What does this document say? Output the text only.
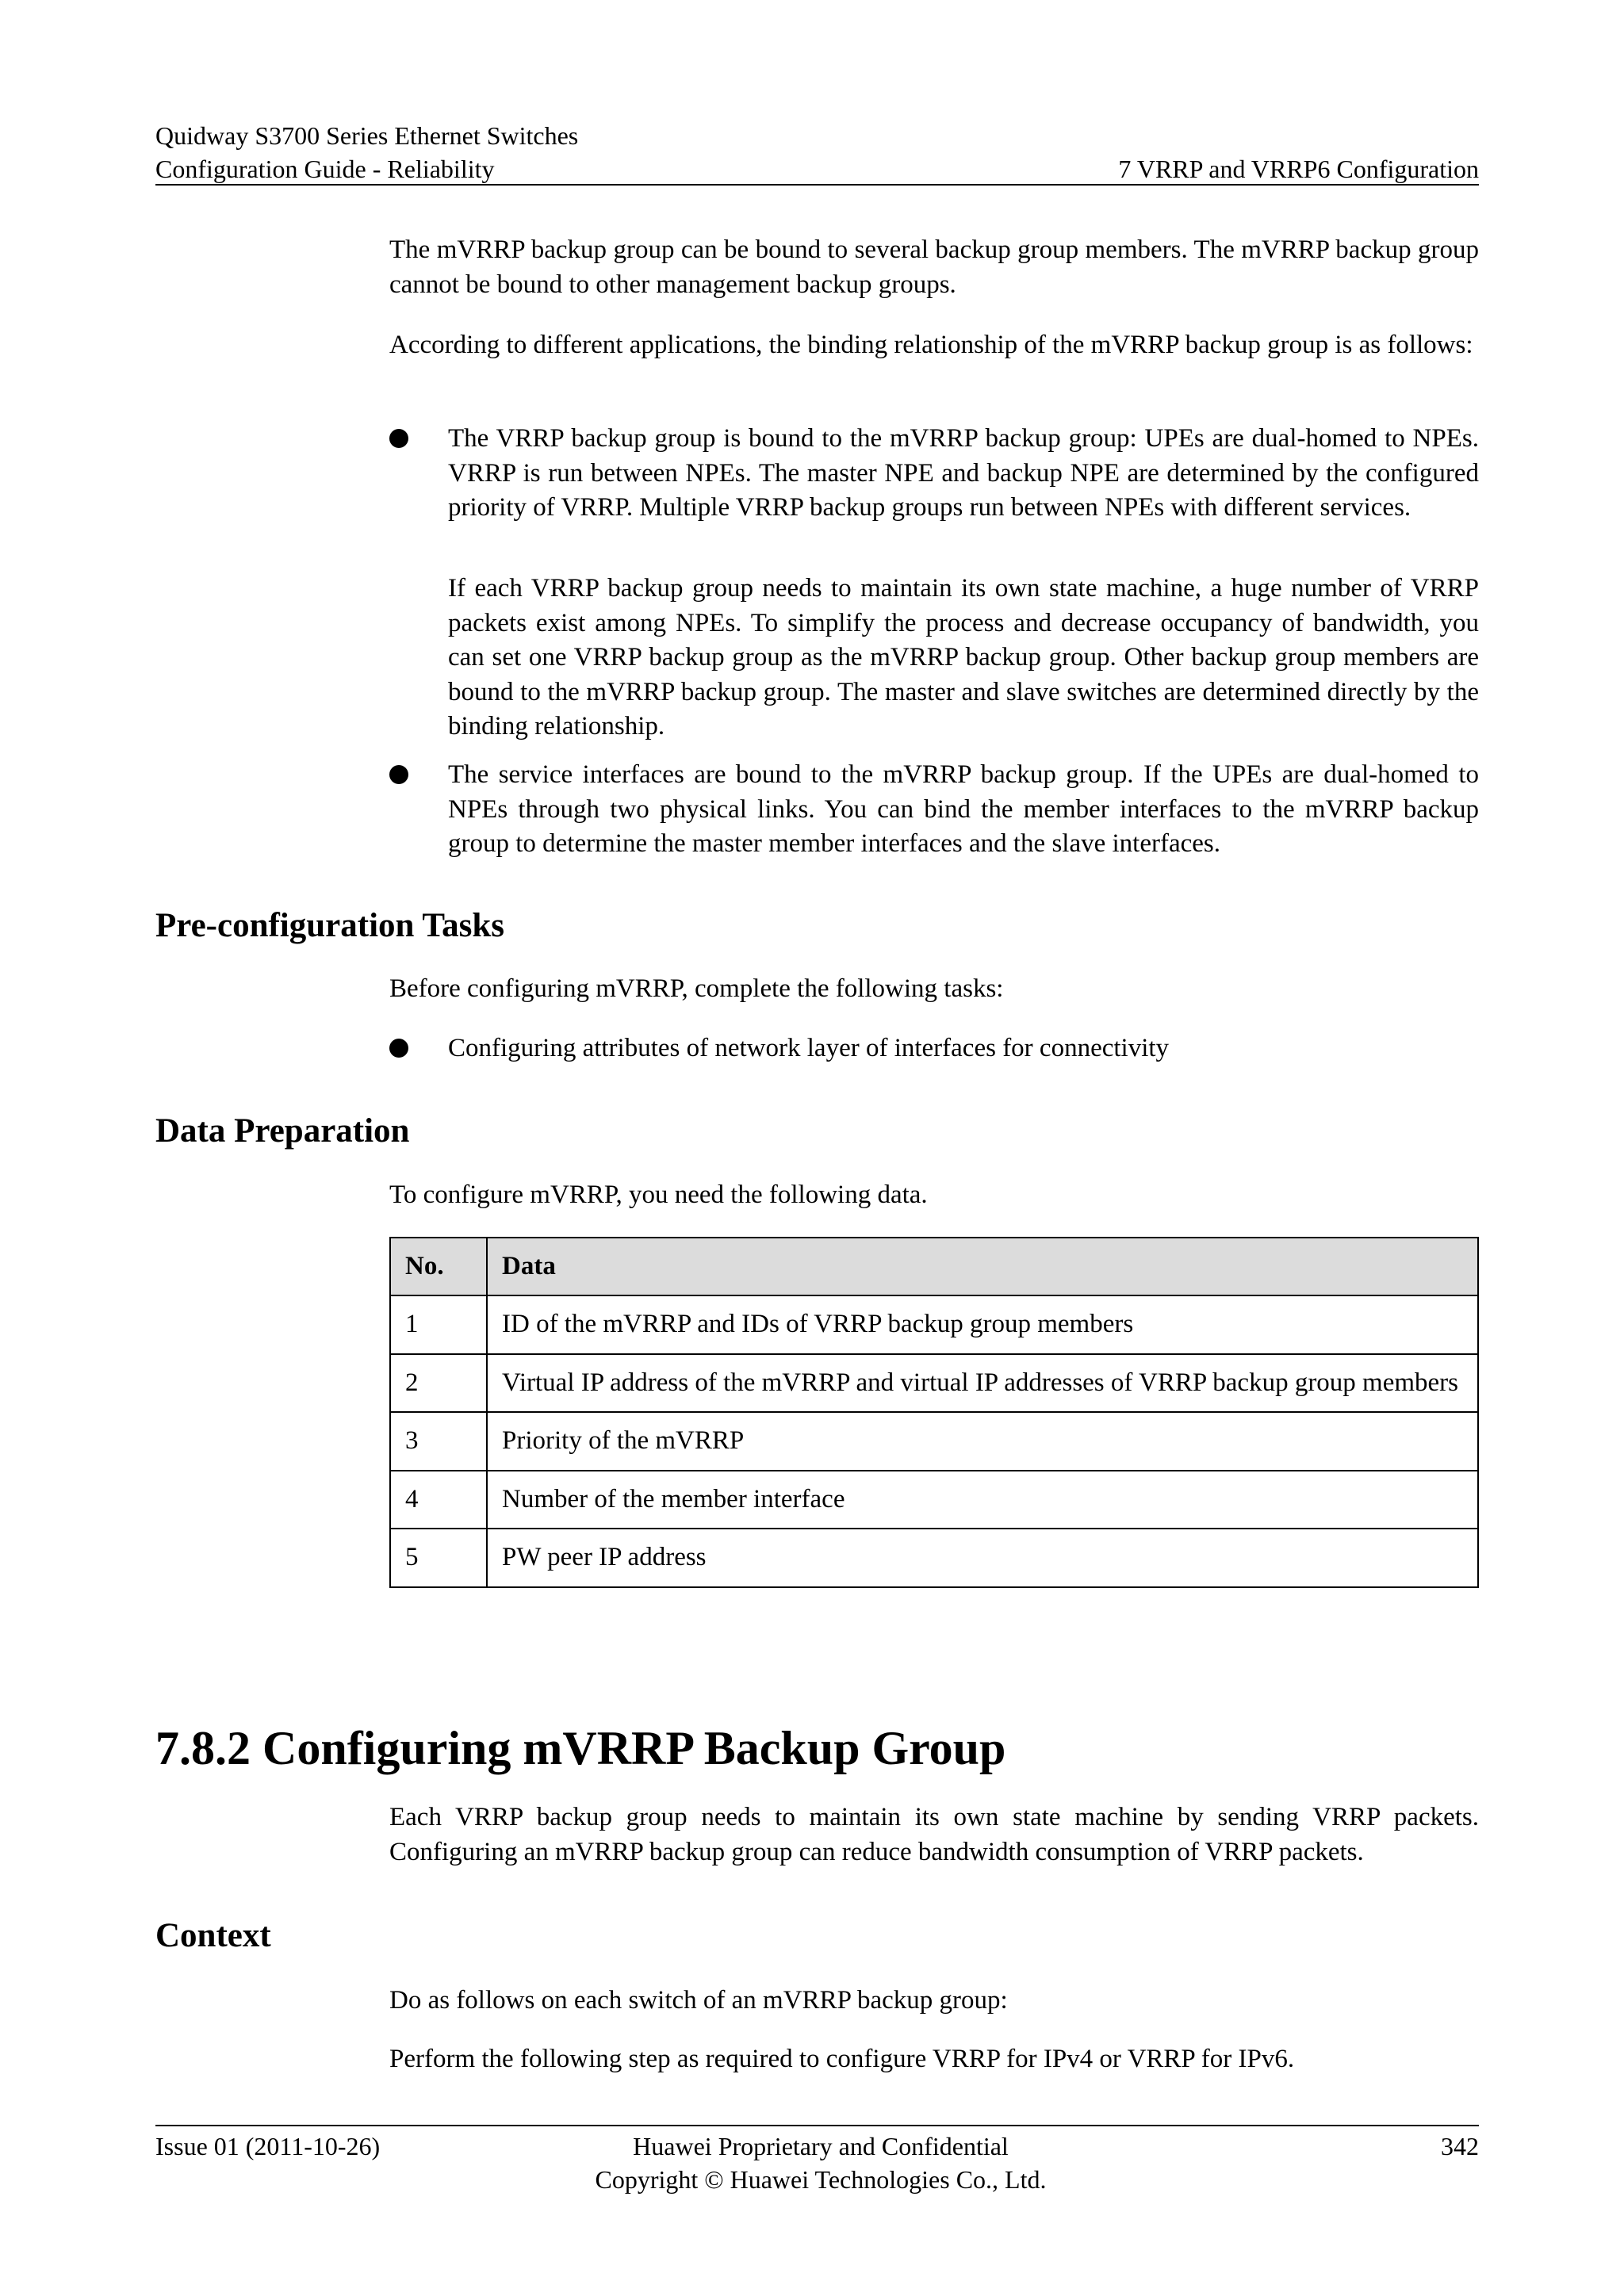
Quidway S3700 Series Ethernet Switches
Configuration Guide - Reliability	7 VRRP and VRRP6 Configuration
The mVRRP backup group can be bound to several backup group members. The mVRRP backup group cannot be bound to other management backup groups.
According to different applications, the binding relationship of the mVRRP backup group is as follows:
The VRRP backup group is bound to the mVRRP backup group: UPEs are dual-homed to NPEs. VRRP is run between NPEs. The master NPE and backup NPE are determined by the configured priority of VRRP. Multiple VRRP backup groups run between NPEs with different services.
If each VRRP backup group needs to maintain its own state machine, a huge number of VRRP packets exist among NPEs. To simplify the process and decrease occupancy of bandwidth, you can set one VRRP backup group as the mVRRP backup group. Other backup group members are bound to the mVRRP backup group. The master and slave switches are determined directly by the binding relationship.
The service interfaces are bound to the mVRRP backup group. If the UPEs are dual-homed to NPEs through two physical links. You can bind the member interfaces to the mVRRP backup group to determine the master member interfaces and the slave interfaces.
Pre-configuration Tasks
Before configuring mVRRP, complete the following tasks:
Configuring attributes of network layer of interfaces for connectivity
Data Preparation
To configure mVRRP, you need the following data.
No.	Data
1	ID of the mVRRP and IDs of VRRP backup group members
2	Virtual IP address of the mVRRP and virtual IP addresses of VRRP backup group members
3	Priority of the mVRRP
4	Number of the member interface
5	PW peer IP address
7.8.2 Configuring mVRRP Backup Group
Each VRRP backup group needs to maintain its own state machine by sending VRRP packets. Configuring an mVRRP backup group can reduce bandwidth consumption of VRRP packets.
Context
Do as follows on each switch of an mVRRP backup group:
Perform the following step as required to configure VRRP for IPv4 or VRRP for IPv6.
Issue 01 (2011-10-26)	Huawei Proprietary and Confidential
Copyright © Huawei Technologies Co., Ltd.
342
